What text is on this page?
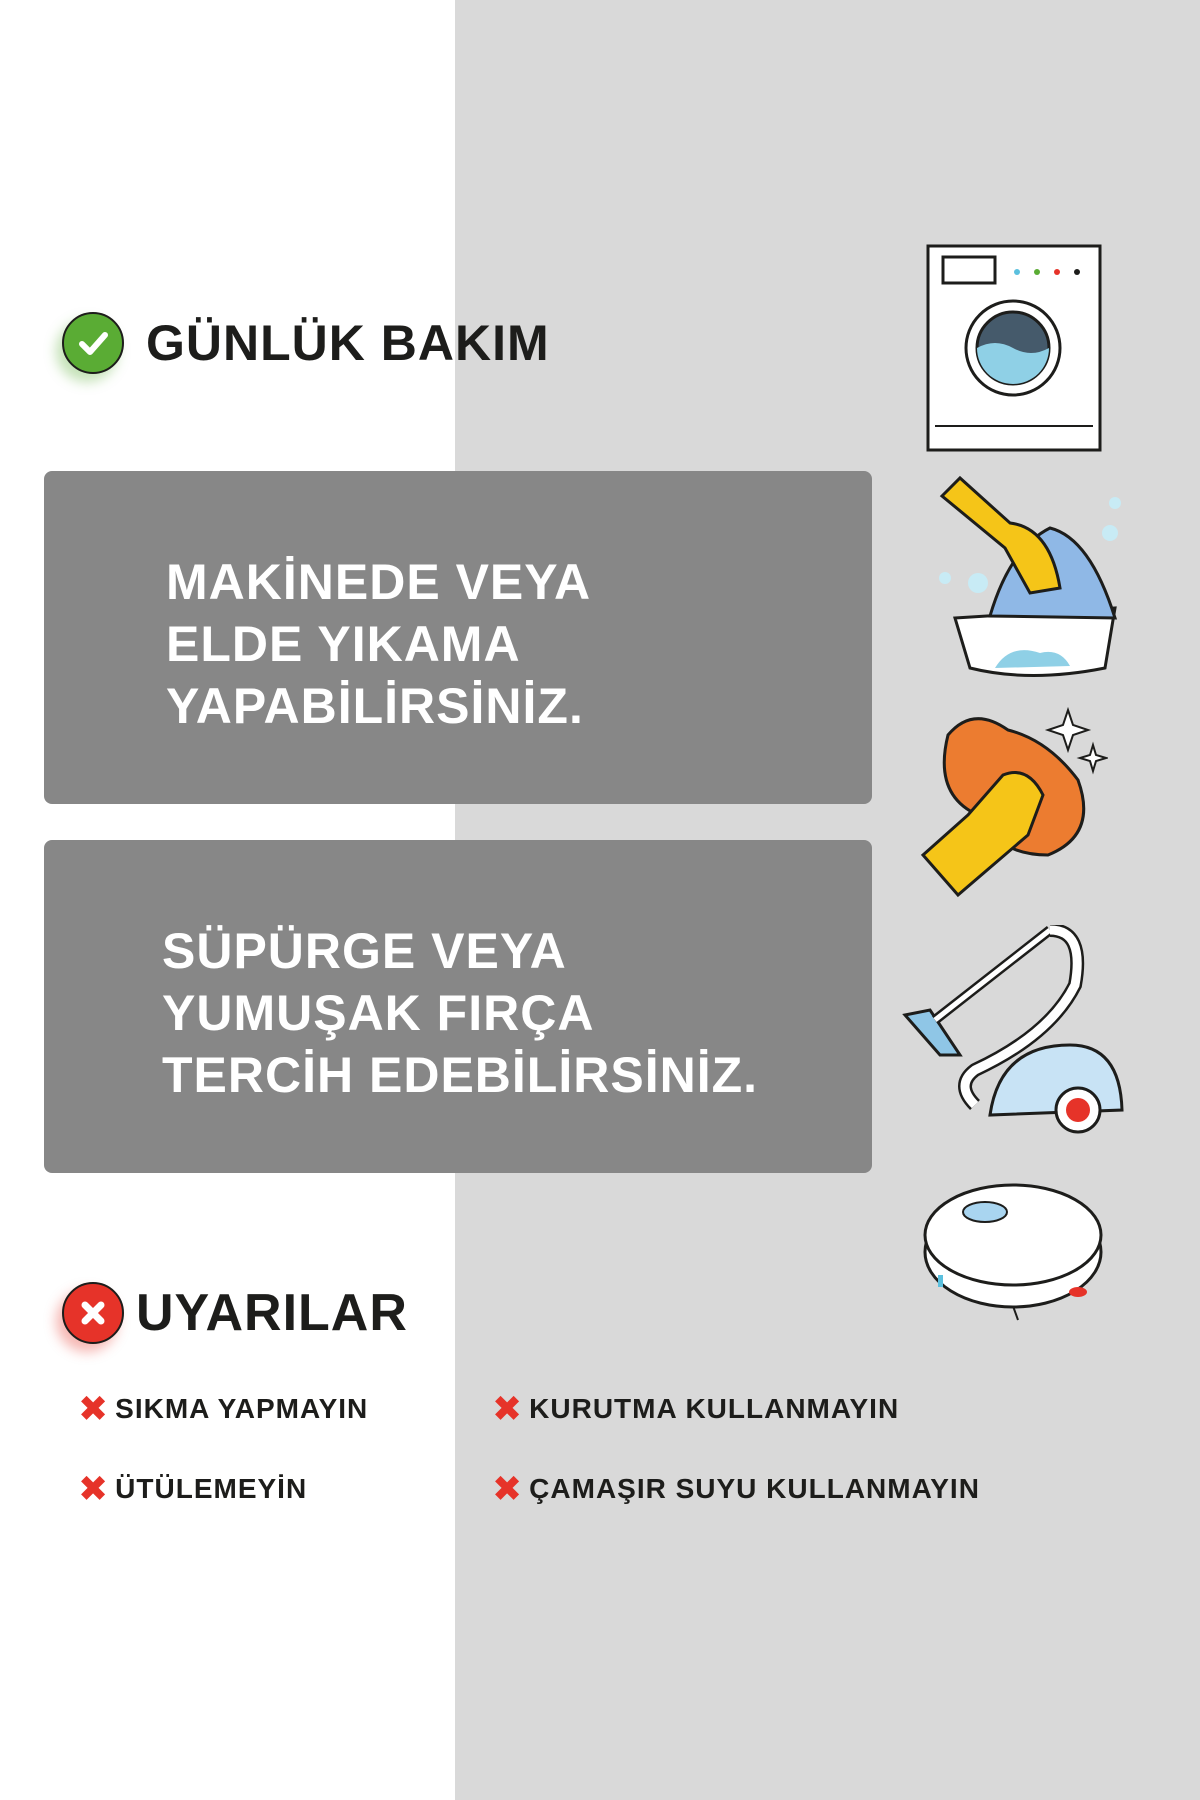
GÜNLÜK BAKIM
MAKİNEDE VEYA
ELDE YIKAMA
YAPABİLİRSİNİZ.
SÜPÜRGE VEYA
YUMUŞAK FIRÇA
TERCİH EDEBİLİRSİNİZ.
UYARILAR
✖ SIKMA YAPMAYIN	✖ KURUTMA KULLANMAYIN
✖ ÜTÜLEMEYİN	✖ ÇAMAŞIR SUYU KULLANMAYIN
